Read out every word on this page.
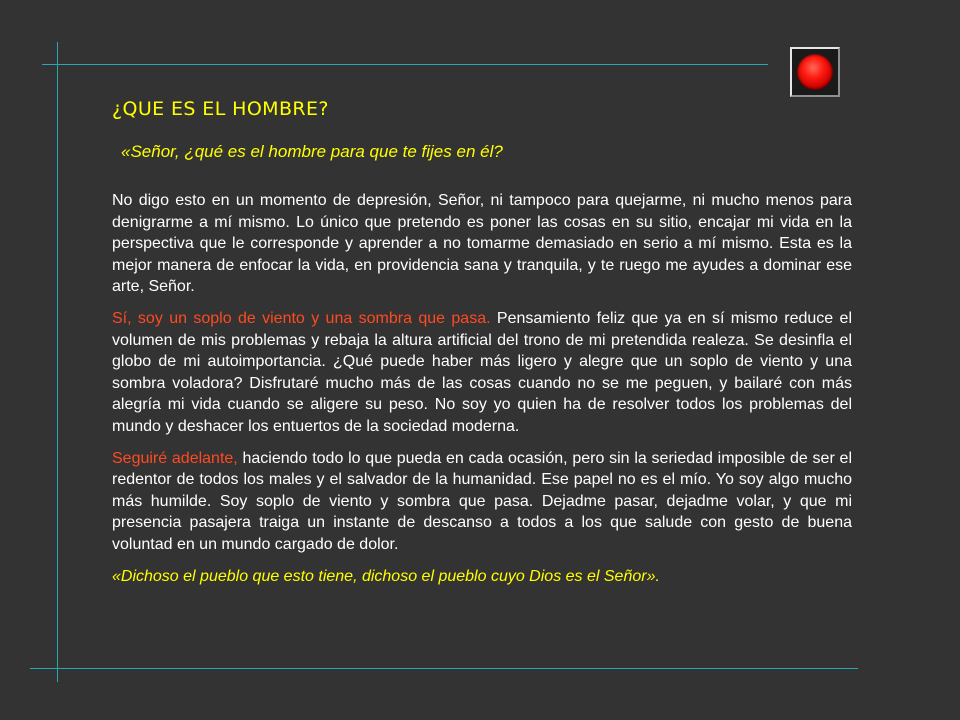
¿QUE ES EL HOMBRE?

«Señor, ¿qué es el hombre para que te fijes en él?

No digo esto en un momento de depresión, Señor, ni tampoco para quejarme, ni mucho menos para denigrarme a mí mismo. Lo único que pretendo es poner las cosas en su sitio, encajar mi vida en la perspectiva que le corresponde y aprender a no tomarme demasiado en serio a mí mismo. Esta es la mejor manera de enfocar la vida, en providencia sana y tranquila, y te ruego me ayudes a dominar ese arte, Señor.

Sí, soy un soplo de viento y una sombra que pasa. Pensamiento feliz que ya en sí mismo reduce el volumen de mis problemas y rebaja la altura artificial del trono de mi pretendida realeza. Se desinfla el globo de mi autoimportancia. ¿Qué puede haber más ligero y alegre que un soplo de viento y una sombra voladora? Disfrutaré mucho más de las cosas cuando no se me peguen, y bailaré con más alegría mi vida cuando se aligere su peso. No soy yo quien ha de resolver todos los problemas del mundo y deshacer los entuertos de la sociedad moderna.

Seguiré adelante, haciendo todo lo que pueda en cada ocasión, pero sin la seriedad imposible de ser el redentor de todos los males y el salvador de la humanidad. Ese papel no es el mío. Yo soy algo mucho más humilde. Soy soplo de viento y sombra que pasa. Dejadme pasar, dejadme volar, y que mi presencia pasajera traiga un instante de descanso a todos a los que salude con gesto de buena voluntad en un mundo cargado de dolor.

«Dichoso el pueblo que esto tiene, dichoso el pueblo cuyo Dios es el Señor».
